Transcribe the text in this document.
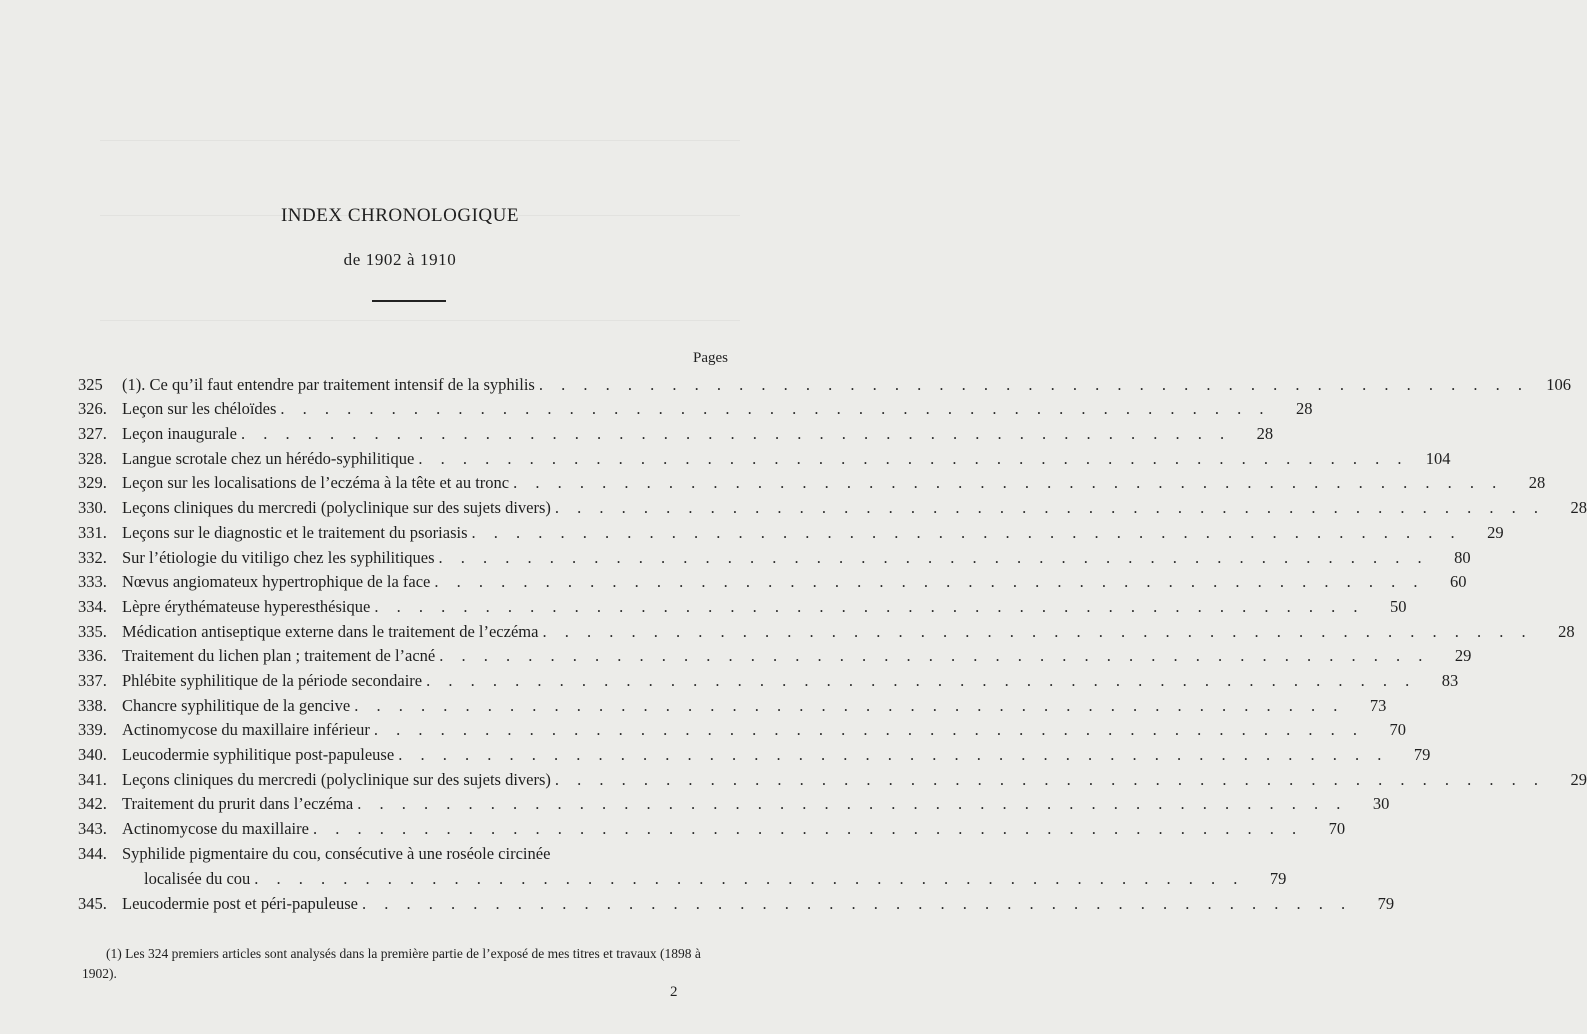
INDEX CHRONOLOGIQUE
de 1902 à 1910
Pages
325	(1). Ce qu’il faut entendre par traitement intensif de la syphilis . . . . . . . . . . . . . . . . . . . . . . . . . . . . . . . . . . . . . . . . . . . . .	106
326. Leçon sur les chéloïdes . . . . . . . . . . . . . . . . . . . . . . . . . . . . . . . . . . . . . . . . . . . . .	28
327. Leçon inaugurale . . . . . . . . . . . . . . . . . . . . . . . . . . . . . . . . . . . . . . . . . . . . .	28
328. Langue scrotale chez un hérédo-syphilitique . . . . . . . . . . . . . . . . . . . . . . . . . . . . . . . . . . . . . . . . . . . . .	104
329. Leçon sur les localisations de l’eczéma à la tête et au tronc . . . . . . . . . . . . . . . . . . . . . . . . . . . . . . . . . . . . . . . . . . . . .	28
330. Leçons cliniques du mercredi (polyclinique sur des sujets divers) . . . . . . . . . . . . . . . . . . . . . . . . . . . . . . . . . . . . . . . . . . . . .	28
331. Leçons sur le diagnostic et le traitement du psoriasis . . . . . . . . . . . . . . . . . . . . . . . . . . . . . . . . . . . . . . . . . . . . .	29
332. Sur l’étiologie du vitiligo chez les syphilitiques . . . . . . . . . . . . . . . . . . . . . . . . . . . . . . . . . . . . . . . . . . . . .	80
333. Nœvus angiomateux hypertrophique de la face . . . . . . . . . . . . . . . . . . . . . . . . . . . . . . . . . . . . . . . . . . . . .	60
334. Lèpre érythémateuse hyperesthésique . . . . . . . . . . . . . . . . . . . . . . . . . . . . . . . . . . . . . . . . . . . . .	50
335. Médication antiseptique externe dans le traitement de l’eczéma . . . . . . . . . . . . . . . . . . . . . . . . . . . . . . . . . . . . . . . . . . . . .	28
336. Traitement du lichen plan ; traitement de l’acné . . . . . . . . . . . . . . . . . . . . . . . . . . . . . . . . . . . . . . . . . . . . .	29
337. Phlébite syphilitique de la période secondaire . . . . . . . . . . . . . . . . . . . . . . . . . . . . . . . . . . . . . . . . . . . . .	83
338. Chancre syphilitique de la gencive . . . . . . . . . . . . . . . . . . . . . . . . . . . . . . . . . . . . . . . . . . . . .	73
339. Actinomycose du maxillaire inférieur . . . . . . . . . . . . . . . . . . . . . . . . . . . . . . . . . . . . . . . . . . . . .	70
340. Leucodermie syphilitique post-papuleuse . . . . . . . . . . . . . . . . . . . . . . . . . . . . . . . . . . . . . . . . . . . . .	79
341. Leçons cliniques du mercredi (polyclinique sur des sujets divers) . . . . . . . . . . . . . . . . . . . . . . . . . . . . . . . . . . . . . . . . . . . . .	29
342. Traitement du prurit dans l’eczéma . . . . . . . . . . . . . . . . . . . . . . . . . . . . . . . . . . . . . . . . . . . . .	30
343. Actinomycose du maxillaire . . . . . . . . . . . . . . . . . . . . . . . . . . . . . . . . . . . . . . . . . . . . .	70
344. Syphilide pigmentaire du cou, consécutive à une roséole circinée
localisée du cou . . . . . . . . . . . . . . . . . . . . . . . . . . . . . . . . . . . . . . . . . . . . .	79
345. Leucodermie post et péri-papuleuse . . . . . . . . . . . . . . . . . . . . . . . . . . . . . . . . . . . . . . . . . . . . .	79
(1) Les 324 premiers articles sont analysés dans la première partie de l’exposé de mes titres et travaux (1898 à 1902).
2
